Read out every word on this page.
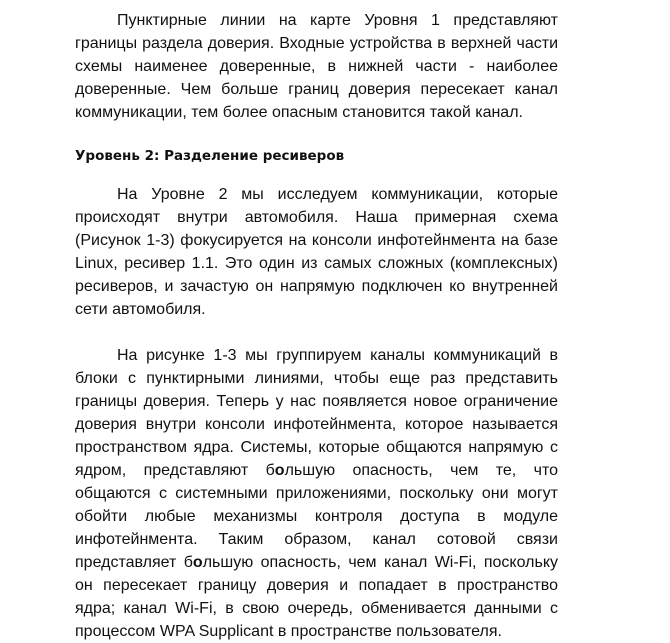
Пунктирные линии на карте Уровня 1 представляют границы раздела доверия. Входные устройства в верхней части схемы наименее доверенные, в нижней части - наиболее доверенные. Чем больше границ доверия пересекает канал коммуникации, тем более опасным становится такой канал.

Уровень 2: Разделение ресиверов

На Уровне 2 мы исследуем коммуникации, которые происходят внутри автомобиля. Наша примерная схема (Рисунок 1-3) фокусируется на консоли инфотейнмента на базе Linux, ресивер 1.1. Это один из самых сложных (комплексных) ресиверов, и зачастую он напрямую подключен ко внутренней сети автомобиля.

На рисунке 1-3 мы группируем каналы коммуникаций в блоки с пунктирными линиями, чтобы еще раз представить границы доверия. Теперь у нас появляется новое ограничение доверия внутри консоли инфотейнмента, которое называется пространством ядра. Системы, которые общаются напрямую с ядром, представляют большую опасность, чем те, что общаются с системными приложениями, поскольку они могут обойти любые механизмы контроля доступа в модуле инфотейнмента. Таким образом, канал сотовой связи представляет большую опасность, чем канал Wi-Fi, поскольку он пересекает границу доверия и попадает в пространство ядра; канал Wi-Fi, в свою очередь, обменивается данными с процессом WPA Supplicant в пространстве пользователя.
